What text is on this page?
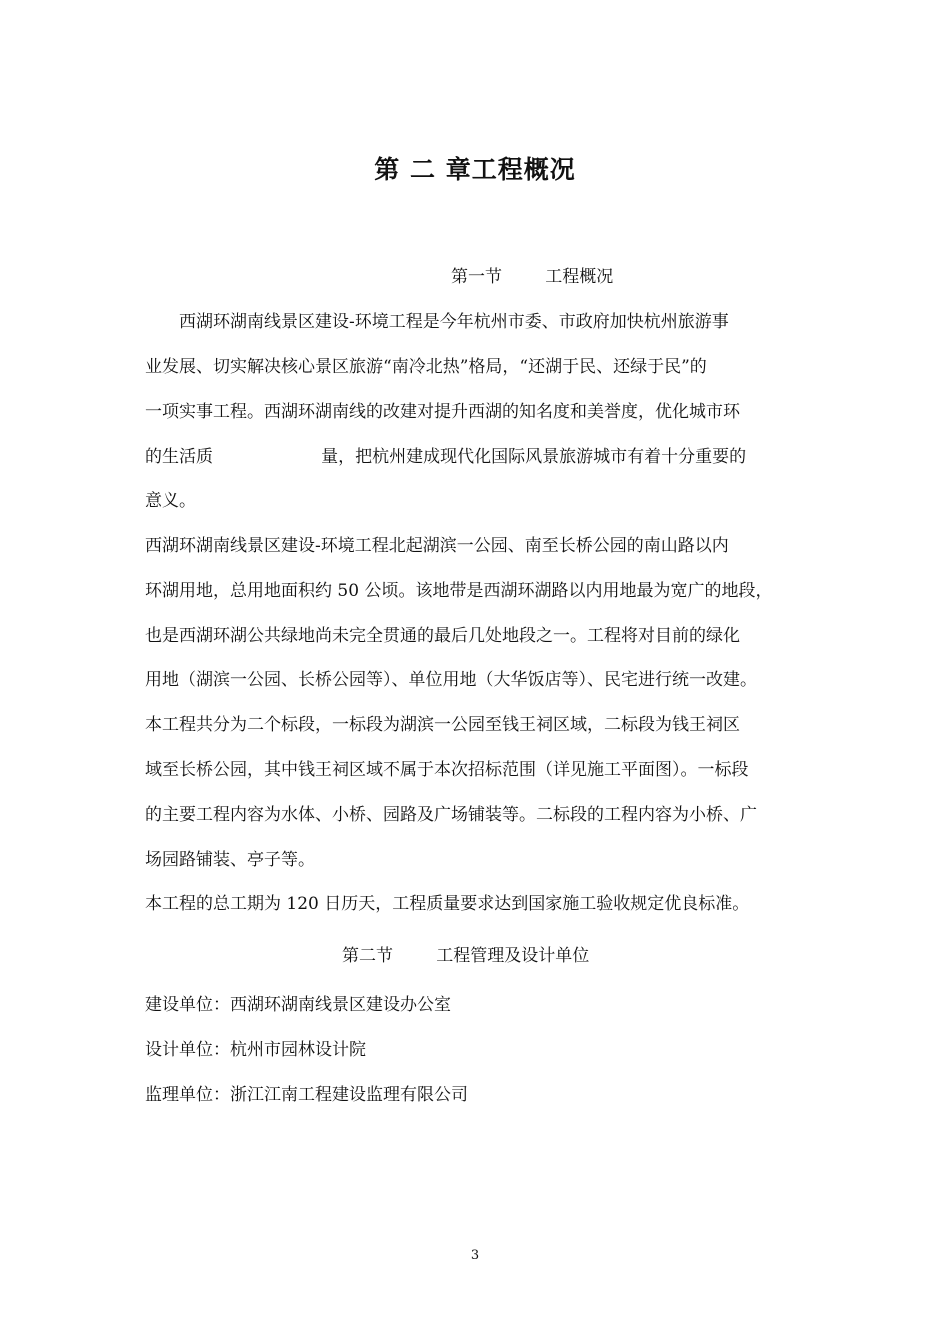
第 二 章工程概况
第一节        工程概况
　　西湖环湖南线景区建设-环境工程是今年杭州市委、市政府加快杭州旅游事
业发展、切实解决核心景区旅游“南冷北热”格局，“还湖于民、还绿于民”的
一项实事工程。西湖环湖南线的改建对提升西湖的知名度和美誉度，优化城市环
的生活质                    量，把杭州建成现代化国际风景旅游城市有着十分重要的
意义。
西湖环湖南线景区建设-环境工程北起湖滨一公园、南至长桥公园的南山路以内
环湖用地，总用地面积约 50 公顷。该地带是西湖环湖路以内用地最为宽广的地段，
也是西湖环湖公共绿地尚未完全贯通的最后几处地段之一。工程将对目前的绿化
用地（湖滨一公园、长桥公园等）、单位用地（大华饭店等）、民宅进行统一改建。
本工程共分为二个标段，一标段为湖滨一公园至钱王祠区域，二标段为钱王祠区
域至长桥公园，其中钱王祠区域不属于本次招标范围（详见施工平面图）。一标段
的主要工程内容为水体、小桥、园路及广场铺装等。二标段的工程内容为小桥、广
场园路铺装、亭子等。
本工程的总工期为 120 日历天，工程质量要求达到国家施工验收规定优良标准。
第二节        工程管理及设计单位
建设单位：西湖环湖南线景区建设办公室
设计单位：杭州市园林设计院
监理单位：浙江江南工程建设监理有限公司
3
